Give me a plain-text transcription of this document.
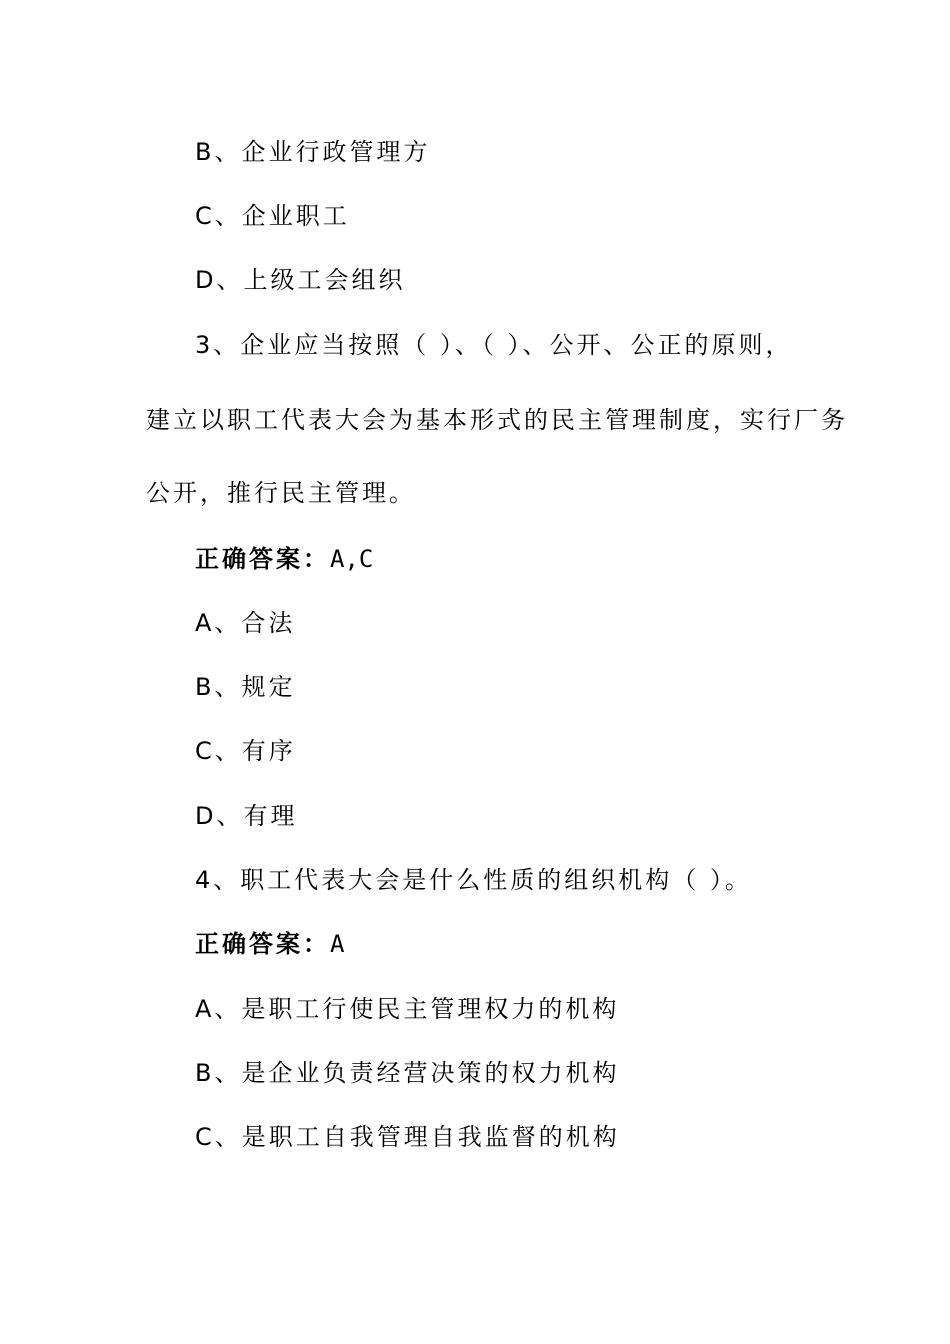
B、企业行政管理方
C、企业职工
D、上级工会组织
3、企业应当按照（ ）、（ ）、公开、公正的原则，
建立以职工代表大会为基本形式的民主管理制度，实行厂务
公开，推行民主管理。
正确答案：A,C
A、合法
B、规定
C、有序
D、有理
4、职工代表大会是什么性质的组织机构（ ）。
正确答案：A
A、是职工行使民主管理权力的机构
B、是企业负责经营决策的权力机构
C、是职工自我管理自我监督的机构
